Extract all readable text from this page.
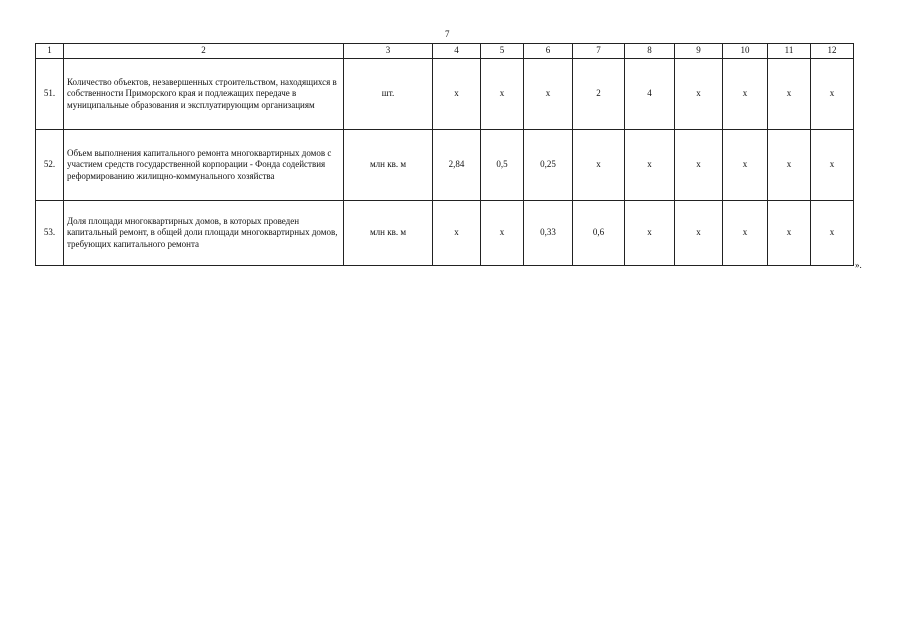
7
1	2	3	4	5	6	7	8	9	10	11	12
51.	Количество объектов, незавершенных строительством, находящихся в собственности Приморского края и подлежащих передаче в муниципальные образования и эксплуатирующим организациям	шт.	х	х	х	2	4	х	х	х	х
52.	Объем выполнения капитального ремонта многоквартирных домов с участием средств государственной корпорации - Фонда содействия реформированию жилищно-коммунального хозяйства	млн кв. м	2,84	0,5	0,25	х	х	х	х	х	х
53.	Доля площади многоквартирных домов, в которых проведен капитальный ремонт, в общей доли площади многоквартирных домов, требующих капитального ремонта	млн кв. м	х	х	0,33	0,6	х	х	х	х	х
».
